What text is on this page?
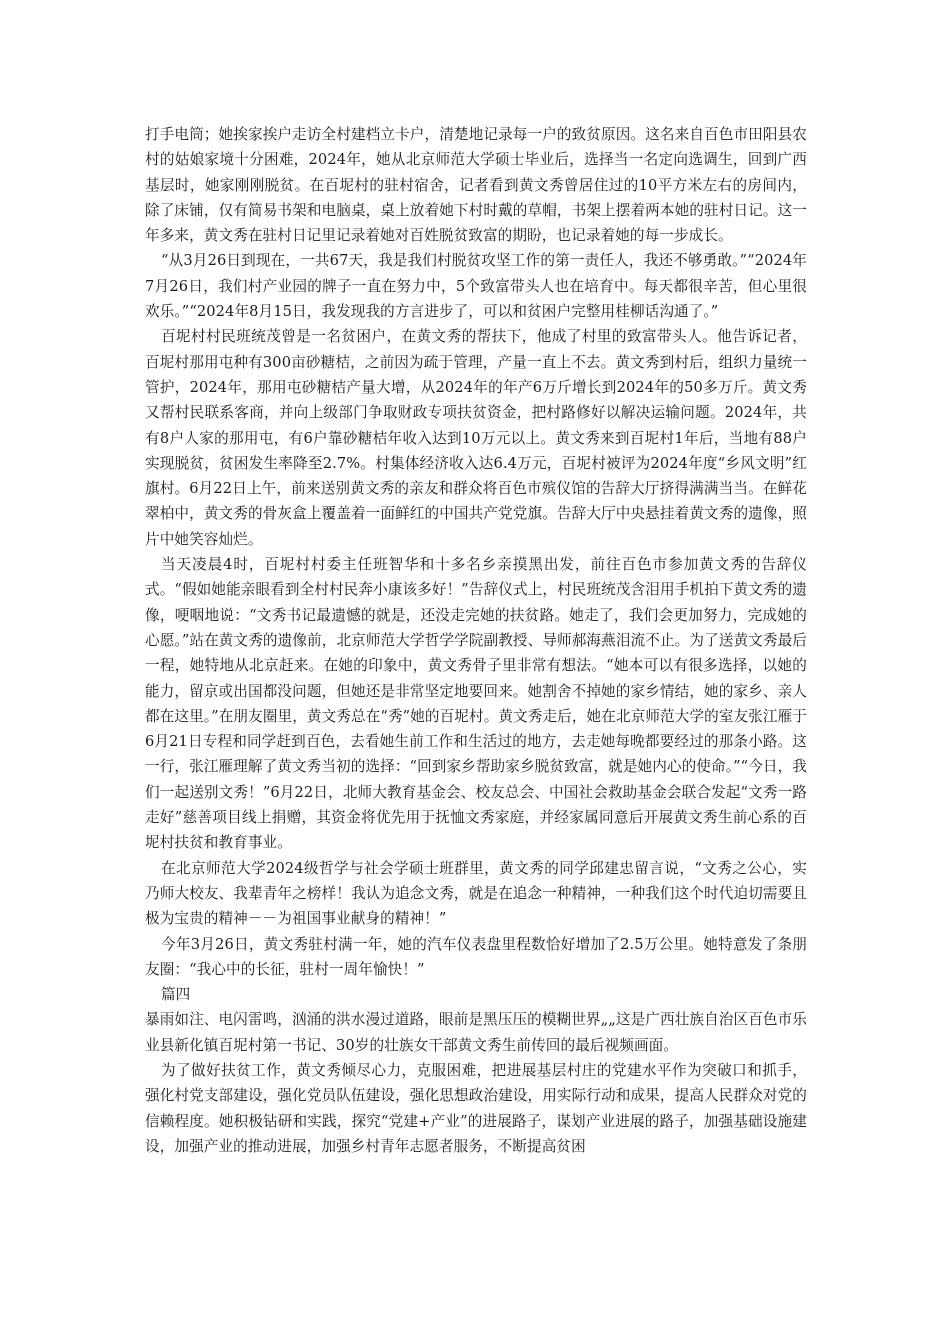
打手电筒；她挨家挨户走访全村建档立卡户，清楚地记录每一户的致贫原因。这名来自百色市田阳县农村的姑娘家境十分困难，2024年，她从北京师范大学硕士毕业后，选择当一名定向选调生，回到广西基层时，她家刚刚脱贫。在百坭村的驻村宿舍，记者看到黄文秀曾居住过的10平方米左右的房间内，除了床铺，仅有简易书架和电脑桌，桌上放着她下村时戴的草帽，书架上摆着两本她的驻村日记。这一年多来，黄文秀在驻村日记里记录着她对百姓脱贫致富的期盼，也记录着她的每一步成长。

“从3月26日到现在，一共67天，我是我们村脱贫攻坚工作的第一责任人，我还不够勇敢。”“2024年7月26日，我们村产业园的牌子一直在努力中，5个致富带头人也在培育中。每天都很辛苦，但心里很欢乐。”“2024年8月15日，我发现我的方言进步了，可以和贫困户完整用桂柳话沟通了。”

百坭村村民班统茂曾是一名贫困户，在黄文秀的帮扶下，他成了村里的致富带头人。他告诉记者，百坭村那用屯种有300亩砂糖桔，之前因为疏于管理，产量一直上不去。黄文秀到村后，组织力量统一管护，2024年，那用屯砂糖桔产量大增，从2024年的年产6万斤增长到2024年的50多万斤。黄文秀又帮村民联系客商，并向上级部门争取财政专项扶贫资金，把村路修好以解决运输问题。2024年，共有8户人家的那用屯，有6户靠砂糖桔年收入达到10万元以上。黄文秀来到百坭村1年后，当地有88户实现脱贫，贫困发生率降至2.7%。村集体经济收入达6.4万元，百坭村被评为2024年度“乡风文明”红旗村。6月22日上午，前来送别黄文秀的亲友和群众将百色市殡仪馆的告辞大厅挤得满满当当。在鲜花翠柏中，黄文秀的骨灰盒上覆盖着一面鲜红的中国共产党党旗。告辞大厅中央悬挂着黄文秀的遗像，照片中她笑容灿烂。

当天凌晨4时，百坭村村委主任班智华和十多名乡亲摸黑出发，前往百色市参加黄文秀的告辞仪式。“假如她能亲眼看到全村村民奔小康该多好！”告辞仪式上，村民班统茂含泪用手机拍下黄文秀的遗像，哽咽地说：“文秀书记最遗憾的就是，还没走完她的扶贫路。她走了，我们会更加努力，完成她的心愿。”站在黄文秀的遗像前，北京师范大学哲学学院副教授、导师郝海燕泪流不止。为了送黄文秀最后一程，她特地从北京赶来。在她的印象中，黄文秀骨子里非常有想法。“她本可以有很多选择，以她的能力，留京或出国都没问题，但她还是非常坚定地要回来。她割舍不掉她的家乡情结，她的家乡、亲人都在这里。”在朋友圈里，黄文秀总在“秀”她的百坭村。黄文秀走后，她在北京师范大学的室友张江雁于6月21日专程和同学赶到百色，去看她生前工作和生活过的地方，去走她每晚都要经过的那条小路。这一行，张江雁理解了黄文秀当初的选择：“回到家乡帮助家乡脱贫致富，就是她内心的使命。”“今日，我们一起送别文秀！”6月22日，北师大教育基金会、校友总会、中国社会救助基金会联合发起“文秀一路走好”慈善项目线上捐赠，其资金将优先用于抚恤文秀家庭，并经家属同意后开展黄文秀生前心系的百坭村扶贫和教育事业。

在北京师范大学2024级哲学与社会学硕士班群里，黄文秀的同学邱建忠留言说，“文秀之公心，实乃师大校友、我辈青年之榜样！我认为追念文秀，就是在追念一种精神，一种我们这个时代迫切需要且极为宝贵的精神－－为祖国事业献身的精神！”

今年3月26日，黄文秀驻村满一年，她的汽车仪表盘里程数恰好增加了2.5万公里。她特意发了条朋友圈：“我心中的长征，驻村一周年愉快！”

篇四

暴雨如注、电闪雷鸣，汹涌的洪水漫过道路，眼前是黑压压的模糊世界„„这是广西壮族自治区百色市乐业县新化镇百坭村第一书记、30岁的壮族女干部黄文秀生前传回的最后视频画面。

为了做好扶贫工作，黄文秀倾尽心力，克服困难，把进展基层村庄的党建水平作为突破口和抓手，强化村党支部建设，强化党员队伍建设，强化思想政治建设，用实际行动和成果，提高人民群众对党的信赖程度。她积极钻研和实践，探究“党建+产业”的进展路子，谋划产业进展的路子，加强基础设施建设，加强产业的推动进展，加强乡村青年志愿者服务，不断提高贫困
